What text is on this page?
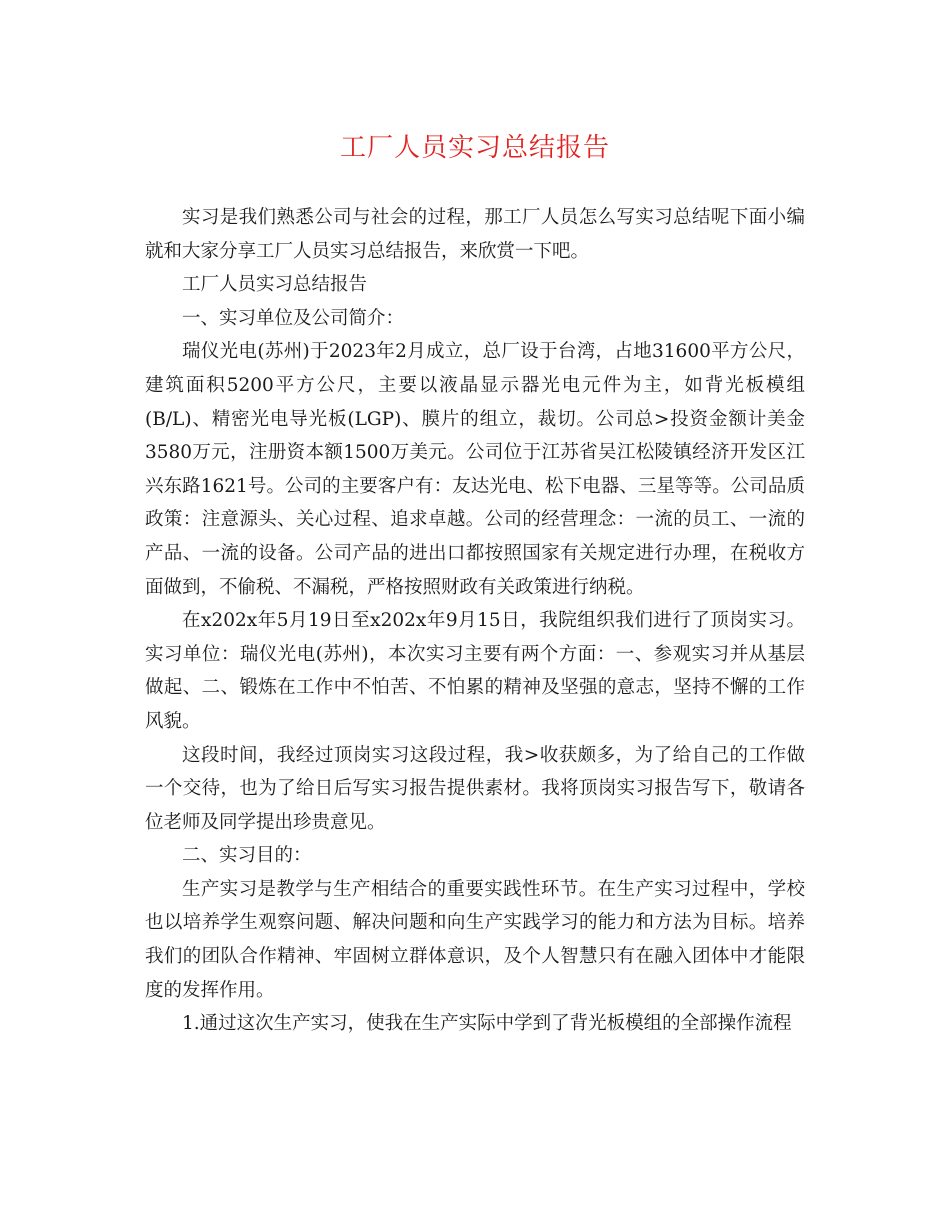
工厂人员实习总结报告

实习是我们熟悉公司与社会的过程，那工厂人员怎么写实习总结呢下面小编就和大家分享工厂人员实习总结报告，来欣赏一下吧。

工厂人员实习总结报告

一、实习单位及公司简介：

瑞仪光电(苏州)于2023年2月成立，总厂设于台湾，占地31600平方公尺，建筑面积5200平方公尺，主要以液晶显示器光电元件为主，如背光板模组(B/L)、精密光电导光板(LGP)、膜片的组立，裁切。公司总>投资金额计美金3580万元，注册资本额1500万美元。公司位于江苏省吴江松陵镇经济开发区江兴东路1621号。公司的主要客户有：友达光电、松下电器、三星等等。公司品质政策：注意源头、关心过程、追求卓越。公司的经营理念：一流的员工、一流的产品、一流的设备。公司产品的进出口都按照国家有关规定进行办理，在税收方面做到，不偷税、不漏税，严格按照财政有关政策进行纳税。

在x202x年5月19日至x202x年9月15日，我院组织我们进行了顶岗实习。实习单位：瑞仪光电(苏州)，本次实习主要有两个方面：一、参观实习并从基层做起、二、锻炼在工作中不怕苦、不怕累的精神及坚强的意志，坚持不懈的工作风貌。

这段时间，我经过顶岗实习这段过程，我>收获颇多，为了给自己的工作做一个交待，也为了给日后写实习报告提供素材。我将顶岗实习报告写下，敬请各位老师及同学提出珍贵意见。

二、实习目的：

生产实习是教学与生产相结合的重要实践性环节。在生产实习过程中，学校也以培养学生观察问题、解决问题和向生产实践学习的能力和方法为目标。培养我们的团队合作精神、牢固树立群体意识，及个人智慧只有在融入团体中才能限度的发挥作用。

1.通过这次生产实习，使我在生产实际中学到了背光板模组的全部操作流程
